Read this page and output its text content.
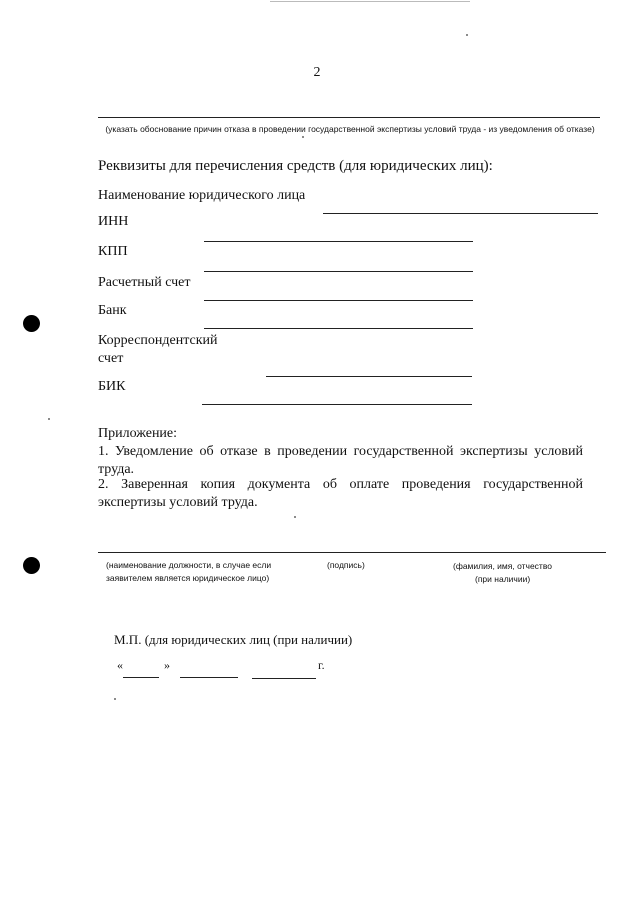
2
(указать обоснование причин отказа в проведении государственной экспертизы условий труда - из уведомления об отказе)
Реквизиты для перечисления средств (для юридических лиц):
Наименование юридического лица
ИНН
КПП
Расчетный счет
Банк
Корреспондентский
счет
БИК
Приложение:
1. Уведомление об отказе в проведении государственной экспертизы условий труда.
2. Заверенная копия документа об оплате проведения государственной экспертизы условий труда.
(наименование должности, в случае если
заявителем является юридическое лицо)
(подпись)	(фамилия, имя, отчество
(при наличии)
М.П. (для юридических лиц (при наличии)
«	»	г.
